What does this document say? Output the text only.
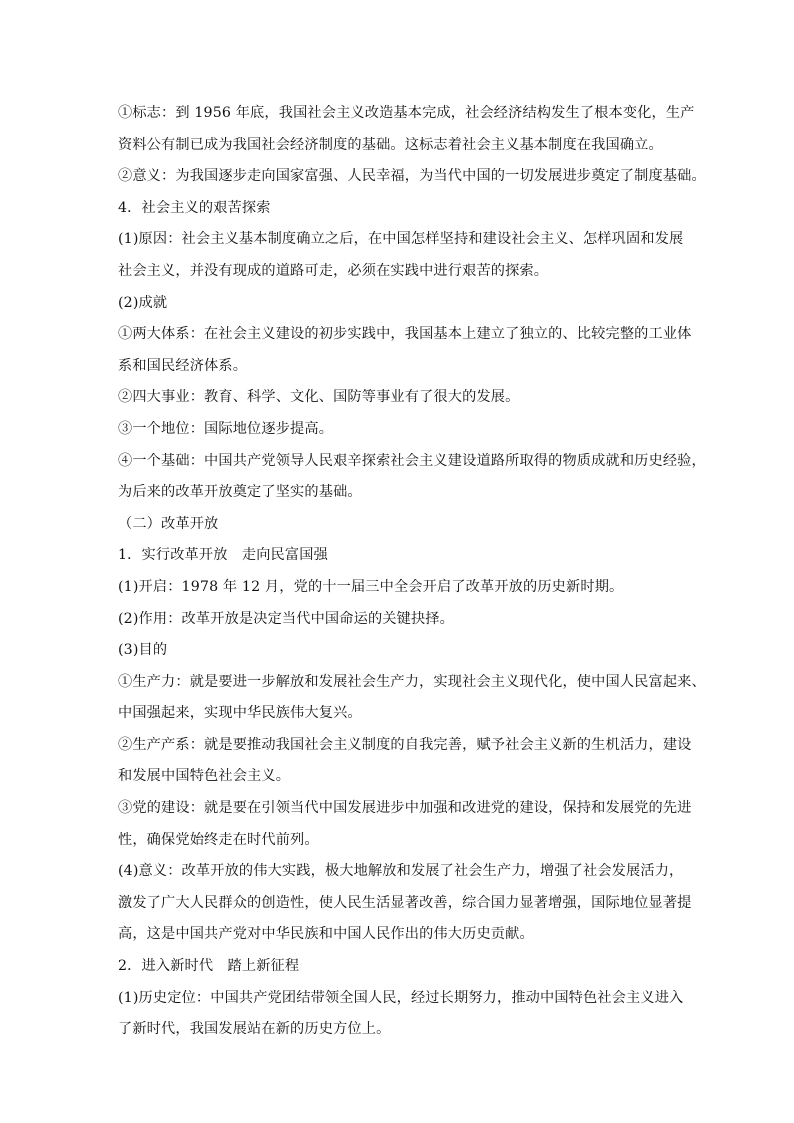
①标志：到 1956 年底，我国社会主义改造基本完成，社会经济结构发生了根本变化，生产

资料公有制已成为我国社会经济制度的基础。这标志着社会主义基本制度在我国确立。

②意义：为我国逐步走向国家富强、人民幸福，为当代中国的一切发展进步奠定了制度基础。

4．社会主义的艰苦探索

(1)原因：社会主义基本制度确立之后，在中国怎样坚持和建设社会主义、怎样巩固和发展

社会主义，并没有现成的道路可走，必须在实践中进行艰苦的探索。

(2)成就

①两大体系：在社会主义建设的初步实践中，我国基本上建立了独立的、比较完整的工业体

系和国民经济体系。

②四大事业：教育、科学、文化、国防等事业有了很大的发展。

③一个地位：国际地位逐步提高。

④一个基础：中国共产党领导人民艰辛探索社会主义建设道路所取得的物质成就和历史经验，

为后来的改革开放奠定了坚实的基础。

（二）改革开放

1．实行改革开放　走向民富国强

(1)开启：1978 年 12 月，党的十一届三中全会开启了改革开放的历史新时期。

(2)作用：改革开放是决定当代中国命运的关键抉择。

(3)目的

①生产力：就是要进一步解放和发展社会生产力，实现社会主义现代化，使中国人民富起来、

中国强起来，实现中华民族伟大复兴。

②生产产系：就是要推动我国社会主义制度的自我完善，赋予社会主义新的生机活力，建设

和发展中国特色社会主义。

③党的建设：就是要在引领当代中国发展进步中加强和改进党的建设，保持和发展党的先进

性，确保党始终走在时代前列。

(4)意义：改革开放的伟大实践，极大地解放和发展了社会生产力，增强了社会发展活力，

激发了广大人民群众的创造性，使人民生活显著改善，综合国力显著增强，国际地位显著提

高，这是中国共产党对中华民族和中国人民作出的伟大历史贡献。

2．进入新时代　踏上新征程

(1)历史定位：中国共产党团结带领全国人民，经过长期努力，推动中国特色社会主义进入

了新时代，我国发展站在新的历史方位上。
